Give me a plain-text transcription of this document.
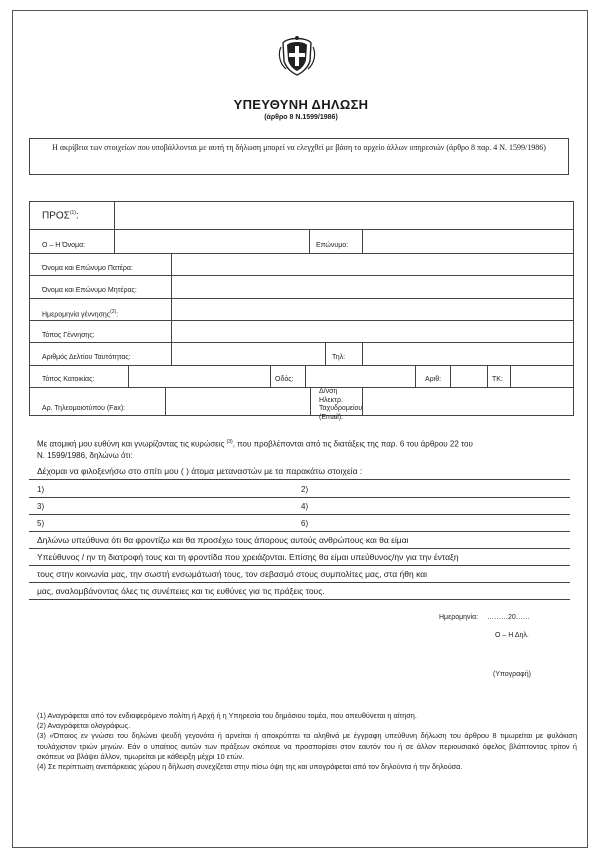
ΥΠΕΥΘΥΝΗ ΔΗΛΩΣΗ
(άρθρο 8 Ν.1599/1986)
Η ακρίβεια των στοιχείων που υποβάλλονται με αυτή τη δήλωση μπορεί να ελεγχθεί με βάση το αρχείο άλλων υπηρεσιών (άρθρο 8 παρ. 4 Ν. 1599/1986)
ΠΡΟΣ$^{(1)}$:
Ο – Η Όνομα:	Επώνυμο:
Όνομα και Επώνυμο Πατέρα:
Όνομα και Επώνυμο Μητέρας:
Ημερομηνία γέννησης$^{(2)}$:
Τόπος Γέννησης:
Αριθμός Δελτίου Ταυτότητας:	Τηλ:
Τόπος Κατοικίας:	Οδός:	Αριθ:	ΤΚ:
Αρ. Τηλεομοιοτύπου (Fax):
Δ/νση Ηλεκτρ. Ταχυδρομείου (Email):
Με ατομική μου ευθύνη και γνωρίζοντας τις κυρώσεις $^{(3)}$, που προβλέπονται από τις διατάξεις της παρ. 6 του άρθρου 22 του
Ν. 1599/1986, δηλώνω ότι:
Δέχομαι να φιλοξενήσω στο σπίτι μου ( ) άτομα μεταναστών με τα παρακάτω στοιχεία :
1)	2)
3)	4)
5)	6)
Δηλώνω υπεύθυνα ότι θα φροντίζω και θα προσέχω τους άπορους αυτούς ανθρώπους και θα είμαι
Υπεύθυνος / ην τη διατροφή τους και τη φροντίδα που χρειάζονται. Επίσης θα είμαι υπεύθυνος/ην για την ένταξη
τους στην κοινωνία μας, την σωστή ενσωμάτωσή τους, τον σεβασμό στους συμπολίτες μας, στα ήθη και
μας, αναλομβάνοντας όλες τις συνέπειες και τις ευθύνες για τις πράξεις τους.
Ημερομηνία: ………20……
Ο – Η Δηλ.
(Υπογραφή)

(1) Αναγράφεται από τον ενδιαφερόμενο πολίτη ή Αρχή ή η Υπηρεσία του δημόσιου τομέα, που απευθύνεται η αίτηση.

(2) Αναγράφεται ολογράφως.

(3) «Όποιος εν γνώσει του δηλώνει ψευδή γεγονότα ή αρνείται ή αποκρύπτει τα αληθινά με έγγραφη υπεύθυνη δήλωση του άρθρου 8 τιμωρείται με φυλάκιση τουλάχιστον τριών μηνών. Εάν ο υπαίτιος αυτών των πράξεων σκόπευε να προσπορίσει στον εαυτόν του ή σε άλλον περιουσιακό όφελος βλάπτοντας τρίτον ή σκόπευε να βλάψει άλλον, τιμωρείται με κάθειρξη μέχρι 10 ετών.

(4) Σε περίπτωση ανεπάρκειας χώρου η δήλωση συνεχίζεται στην πίσω όψη της και υπογράφεται από τον δηλούντα ή την δηλούσα.
